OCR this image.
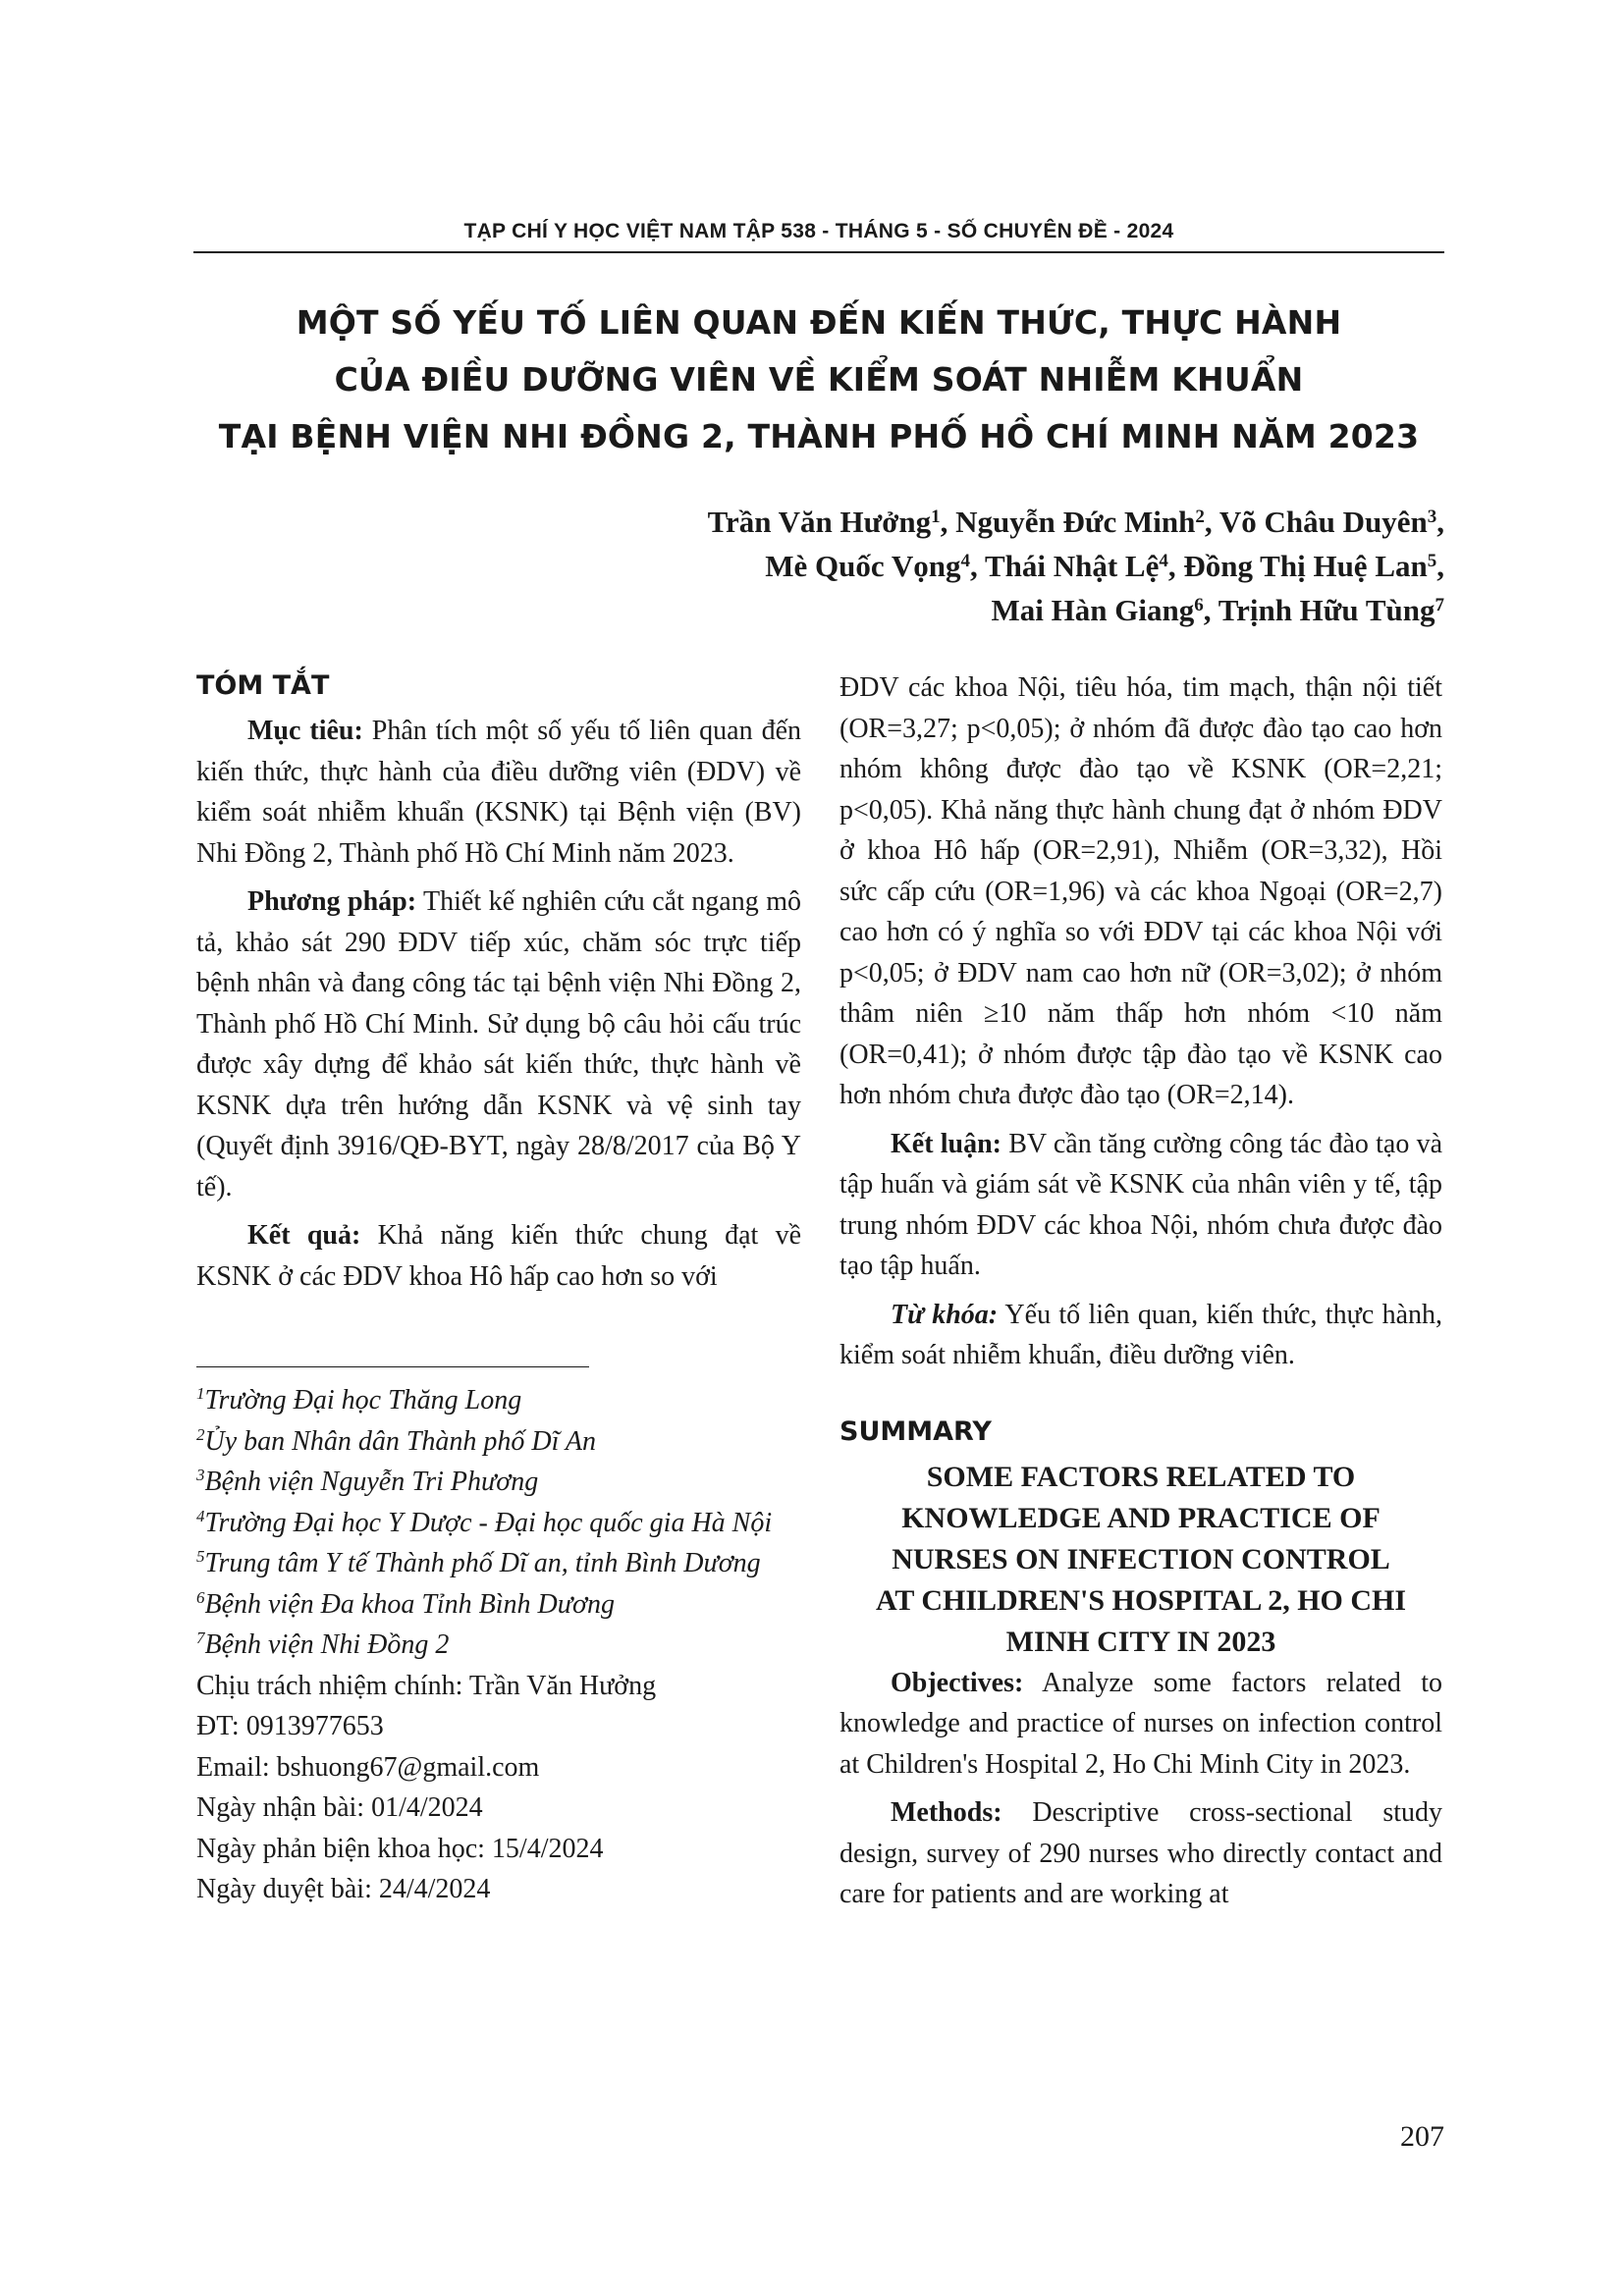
TẠP CHÍ Y HỌC VIỆT NAM TẬP 538 - THÁNG 5 - SỐ CHUYÊN ĐỀ - 2024
MỘT SỐ YẾU TỐ LIÊN QUAN ĐẾN KIẾN THỨC, THỰC HÀNH
CỦA ĐIỀU DƯỠNG VIÊN VỀ KIỂM SOÁT NHIỄM KHUẨN
TẠI BỆNH VIỆN NHI ĐỒNG 2, THÀNH PHỐ HỒ CHÍ MINH NĂM 2023
Trần Văn Hưởng$^1$, Nguyễn Đức Minh$^2$, Võ Châu Duyên$^3$,
Mè Quốc Vọng$^4$, Thái Nhật Lệ$^4$, Đồng Thị Huệ Lan$^5$,
Mai Hàn Giang$^6$, Trịnh Hữu Tùng$^7$
TÓM TẮT

Mục tiêu: Phân tích một số yếu tố liên quan đến kiến thức, thực hành của điều dưỡng viên (ĐDV) về kiểm soát nhiễm khuẩn (KSNK) tại Bệnh viện (BV) Nhi Đồng 2, Thành phố Hồ Chí Minh năm 2023.

Phương pháp: Thiết kế nghiên cứu cắt ngang mô tả, khảo sát 290 ĐDV tiếp xúc, chăm sóc trực tiếp bệnh nhân và đang công tác tại bệnh viện Nhi Đồng 2, Thành phố Hồ Chí Minh. Sử dụng bộ câu hỏi cấu trúc được xây dựng để khảo sát kiến thức, thực hành về KSNK dựa trên hướng dẫn KSNK và vệ sinh tay (Quyết định 3916/QĐ-BYT, ngày 28/8/2017 của Bộ Y tế).

Kết quả: Khả năng kiến thức chung đạt về KSNK ở các ĐDV khoa Hô hấp cao hơn so với

$^1$Trường Đại học Thăng Long
$^2$Ủy ban Nhân dân Thành phố Dĩ An
$^3$Bệnh viện Nguyễn Tri Phương
$^4$Trường Đại học Y Dược - Đại học quốc gia Hà Nội
$^5$Trung tâm Y tế Thành phố Dĩ an, tỉnh Bình Dương
$^6$Bệnh viện Đa khoa Tỉnh Bình Dương
$^7$Bệnh viện Nhi Đồng 2
Chịu trách nhiệm chính: Trần Văn Hưởng
ĐT: 0913977653
Email: bshuong67@gmail.com
Ngày nhận bài: 01/4/2024
Ngày phản biện khoa học: 15/4/2024
Ngày duyệt bài: 24/4/2024

ĐDV các khoa Nội, tiêu hóa, tim mạch, thận nội tiết (OR=3,27; p<0,05); ở nhóm đã được đào tạo cao hơn nhóm không được đào tạo về KSNK (OR=2,21; p<0,05). Khả năng thực hành chung đạt ở nhóm ĐDV ở khoa Hô hấp (OR=2,91), Nhiễm (OR=3,32), Hồi sức cấp cứu (OR=1,96) và các khoa Ngoại (OR=2,7) cao hơn có ý nghĩa so với ĐDV tại các khoa Nội với p<0,05; ở ĐDV nam cao hơn nữ (OR=3,02); ở nhóm thâm niên ≥10 năm thấp hơn nhóm <10 năm (OR=0,41); ở nhóm được tập đào tạo về KSNK cao hơn nhóm chưa được đào tạo (OR=2,14).

Kết luận: BV cần tăng cường công tác đào tạo và tập huấn và giám sát về KSNK của nhân viên y tế, tập trung nhóm ĐDV các khoa Nội, nhóm chưa được đào tạo tập huấn.

Từ khóa: Yếu tố liên quan, kiến thức, thực hành, kiểm soát nhiễm khuẩn, điều dưỡng viên.

SUMMARY
SOME FACTORS RELATED TO
KNOWLEDGE AND PRACTICE OF
NURSES ON INFECTION CONTROL
AT CHILDREN'S HOSPITAL 2, HO CHI
MINH CITY IN 2023

Objectives: Analyze some factors related to knowledge and practice of nurses on infection control at Children's Hospital 2, Ho Chi Minh City in 2023.

Methods: Descriptive cross-sectional study design, survey of 290 nurses who directly contact and care for patients and are working at

207
